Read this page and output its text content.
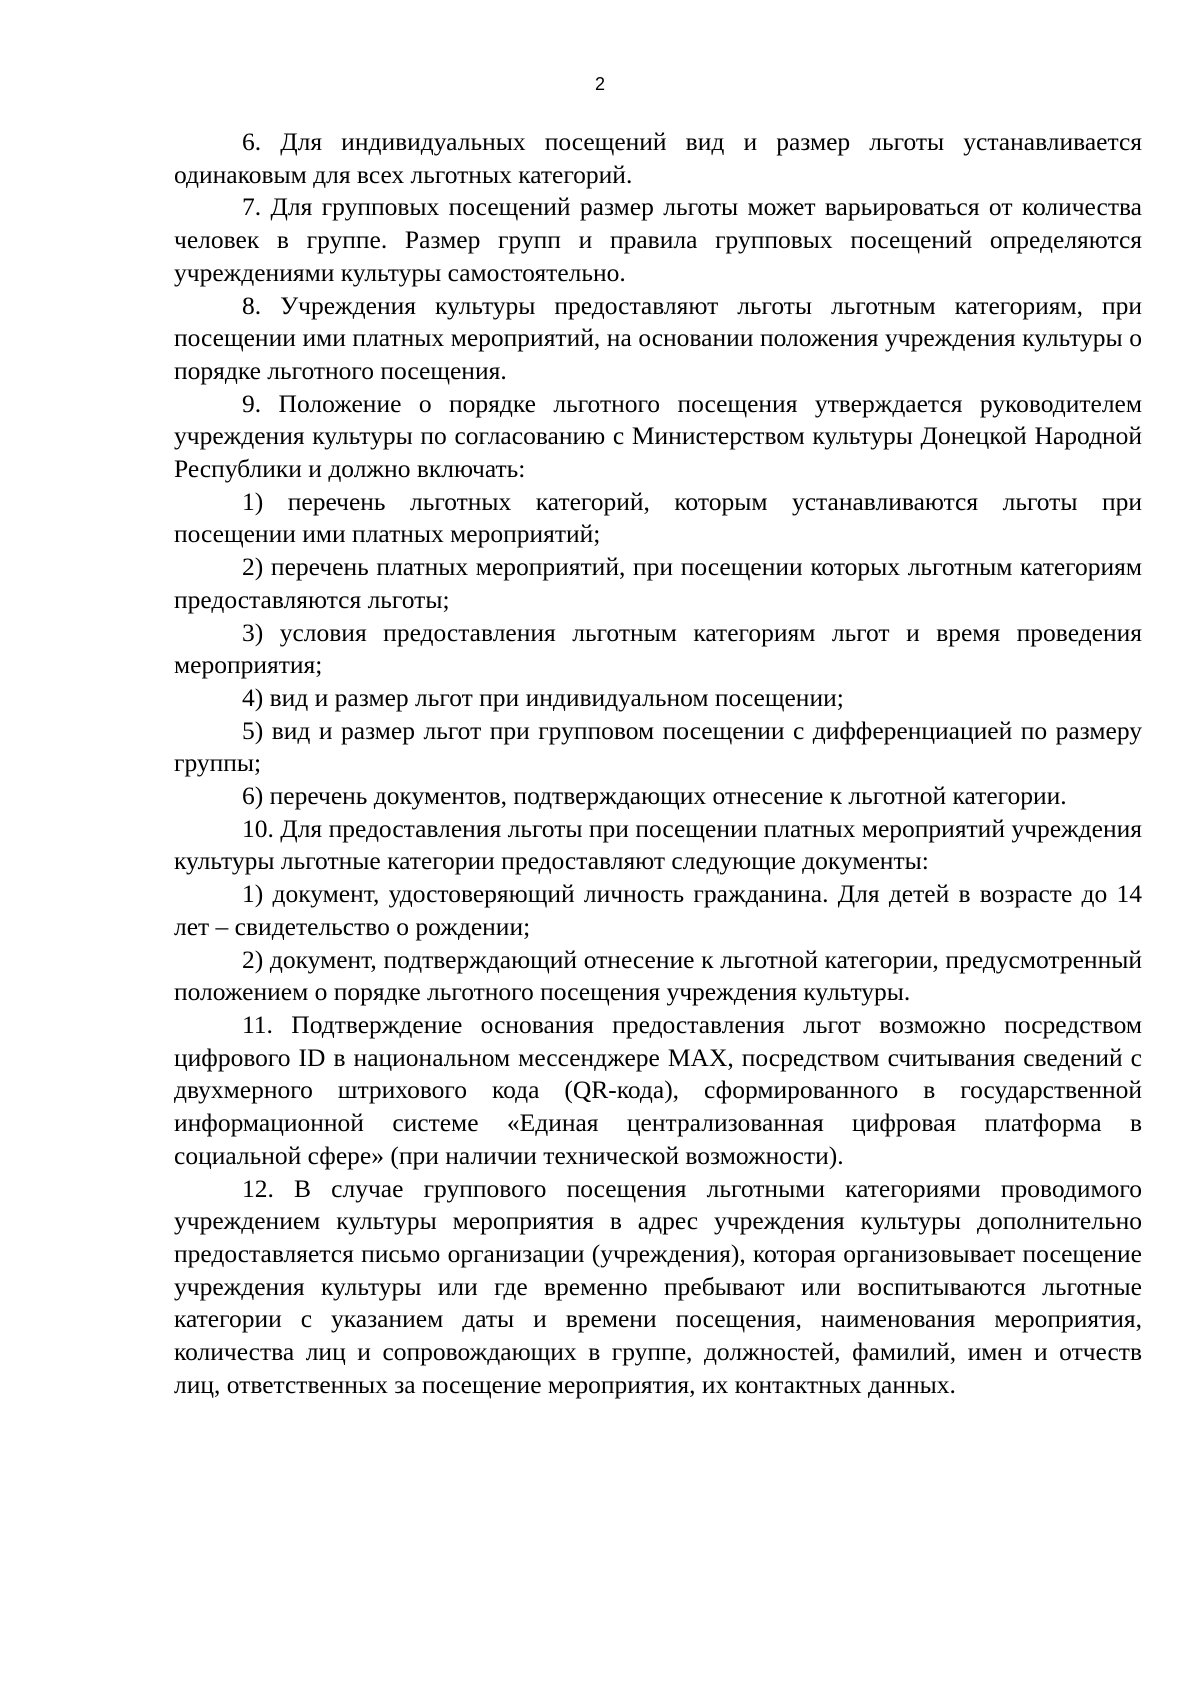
2

6. Для индивидуальных посещений вид и размер льготы устанавливается одинаковым для всех льготных категорий.

7. Для групповых посещений размер льготы может варьироваться от количества человек в группе. Размер групп и правила групповых посещений определяются учреждениями культуры самостоятельно.

8. Учреждения культуры предоставляют льготы льготным категориям, при посещении ими платных мероприятий, на основании положения учреждения культуры о порядке льготного посещения.

9. Положение о порядке льготного посещения утверждается руководителем учреждения культуры по согласованию с Министерством культуры Донецкой Народной Республики и должно включать:

1) перечень льготных категорий, которым устанавливаются льготы при посещении ими платных мероприятий;

2) перечень платных мероприятий, при посещении которых льготным категориям предоставляются льготы;

3) условия предоставления льготным категориям льгот и время проведения мероприятия;

4) вид и размер льгот при индивидуальном посещении;

5) вид и размер льгот при групповом посещении с дифференциацией по размеру группы;

6) перечень документов, подтверждающих отнесение к льготной категории.

10. Для предоставления льготы при посещении платных мероприятий учреждения культуры льготные категории предоставляют следующие документы:

1) документ, удостоверяющий личность гражданина. Для детей в возрасте до 14 лет – свидетельство о рождении;

2) документ, подтверждающий отнесение к льготной категории, предусмотренный положением о порядке льготного посещения учреждения культуры.

11. Подтверждение основания предоставления льгот возможно посредством цифрового ID в национальном мессенджере MAX, посредством считывания сведений с двухмерного штрихового кода (QR-кода), сформированного в государственной информационной системе «Единая централизованная цифровая платформа в социальной сфере» (при наличии технической возможности).

12. В случае группового посещения льготными категориями проводимого учреждением культуры мероприятия в адрес учреждения культуры дополнительно предоставляется письмо организации (учреждения), которая организовывает посещение учреждения культуры или где временно пребывают или воспитываются льготные категории с указанием даты и времени посещения, наименования мероприятия, количества лиц и сопровождающих в группе, должностей, фамилий, имен и отчеств лиц, ответственных за посещение мероприятия, их контактных данных.
